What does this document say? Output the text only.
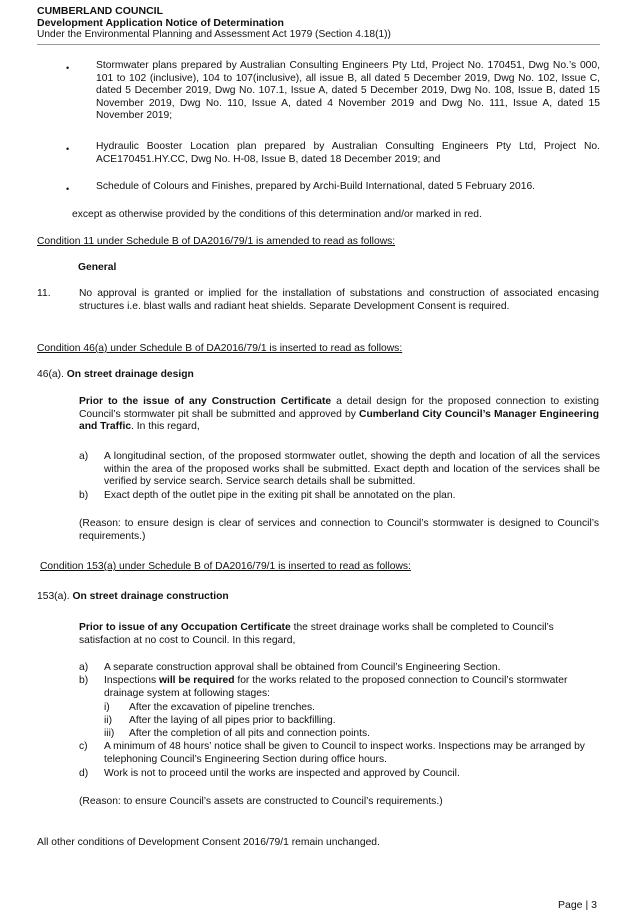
CUMBERLAND COUNCIL
Development Application Notice of Determination
Under the Environmental Planning and Assessment Act 1979 (Section 4.18(1))
•	Stormwater plans prepared by Australian Consulting Engineers Pty Ltd, Project No. 170451, Dwg No.’s 000, 101 to 102 (inclusive), 104 to 107(inclusive), all issue B, all dated 5 December 2019, Dwg No. 102, Issue C, dated 5 December 2019, Dwg No. 107.1, Issue A, dated 5 December 2019, Dwg No. 108, Issue B, dated 15 November 2019, Dwg No. 110, Issue A, dated 4 November 2019 and Dwg No. 111, Issue A, dated 15 November 2019;
•	Hydraulic Booster Location plan prepared by Australian Consulting Engineers Pty Ltd, Project No. ACE170451.HY.CC, Dwg No. H-08, Issue B, dated 18 December 2019; and
•	Schedule of Colours and Finishes, prepared by Archi-Build International, dated 5 February 2016.
except as otherwise provided by the conditions of this determination and/or marked in red.
Condition 11 under Schedule B of DA2016/79/1 is amended to read as follows:
General
11.	No approval is granted or implied for the installation of substations and construction of associated encasing structures i.e. blast walls and radiant heat shields. Separate Development Consent is required.
Condition 46(a) under Schedule B of DA2016/79/1 is inserted to read as follows:
46(a). On street drainage design
Prior to the issue of any Construction Certificate a detail design for the proposed connection to existing Council’s stormwater pit shall be submitted and approved by Cumberland City Council’s Manager Engineering and Traffic. In this regard,
a) A longitudinal section, of the proposed stormwater outlet, showing the depth and location of all the services within the area of the proposed works shall be submitted. Exact depth and location of the services shall be verified by service search. Service search details shall be submitted.
b) Exact depth of the outlet pipe in the exiting pit shall be annotated on the plan.
(Reason: to ensure design is clear of services and connection to Council’s stormwater is designed to Council’s requirements.)
Condition 153(a) under Schedule B of DA2016/79/1 is inserted to read as follows:
153(a). On street drainage construction
Prior to issue of any Occupation Certificate the street drainage works shall be completed to Council’s satisfaction at no cost to Council. In this regard,
a) A separate construction approval shall be obtained from Council’s Engineering Section.
b) Inspections will be required for the works related to the proposed connection to Council’s stormwater drainage system at following stages:
i) After the excavation of pipeline trenches.
ii) After the laying of all pipes prior to backfilling.
iii) After the completion of all pits and connection points.
c) A minimum of 48 hours’ notice shall be given to Council to inspect works. Inspections may be arranged by telephoning Council’s Engineering Section during office hours.
d) Work is not to proceed until the works are inspected and approved by Council.
(Reason: to ensure Council’s assets are constructed to Council’s requirements.)
All other conditions of Development Consent 2016/79/1 remain unchanged.
Page | 3
